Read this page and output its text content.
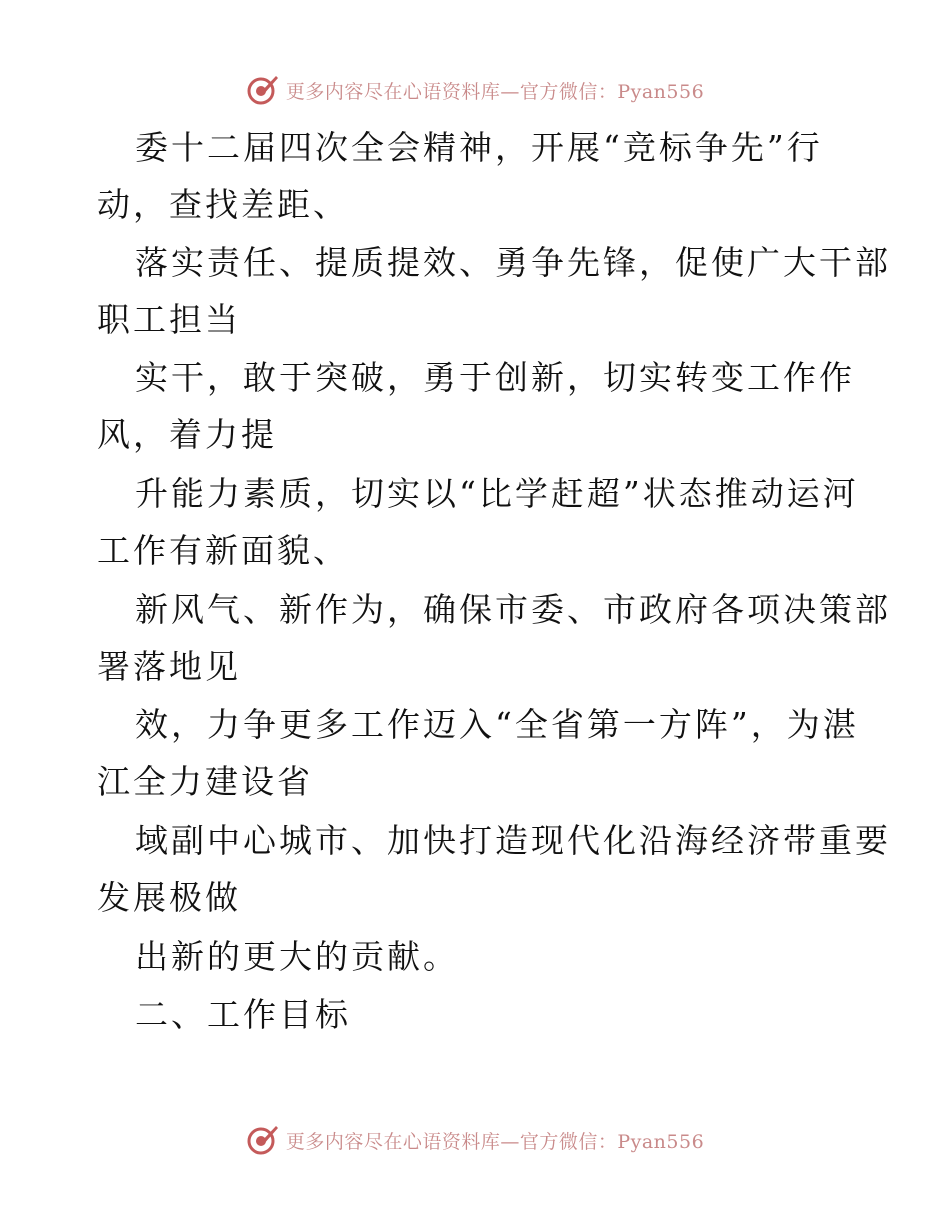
更多内容尽在心语资料库—官方微信：Pyan556
委十二届四次全会精神，开展“竞标争先”行
动，查找差距、
落实责任、提质提效、勇争先锋，促使广大干部
职工担当
实干，敢于突破，勇于创新，切实转变工作作
风，着力提
升能力素质，切实以“比学赶超”状态推动运河
工作有新面貌、
新风气、新作为，确保市委、市政府各项决策部
署落地见
效，力争更多工作迈入“全省第一方阵”，为湛
江全力建设省
域副中心城市、加快打造现代化沿海经济带重要
发展极做
出新的更大的贡献。
二、工作目标
更多内容尽在心语资料库—官方微信：Pyan556
